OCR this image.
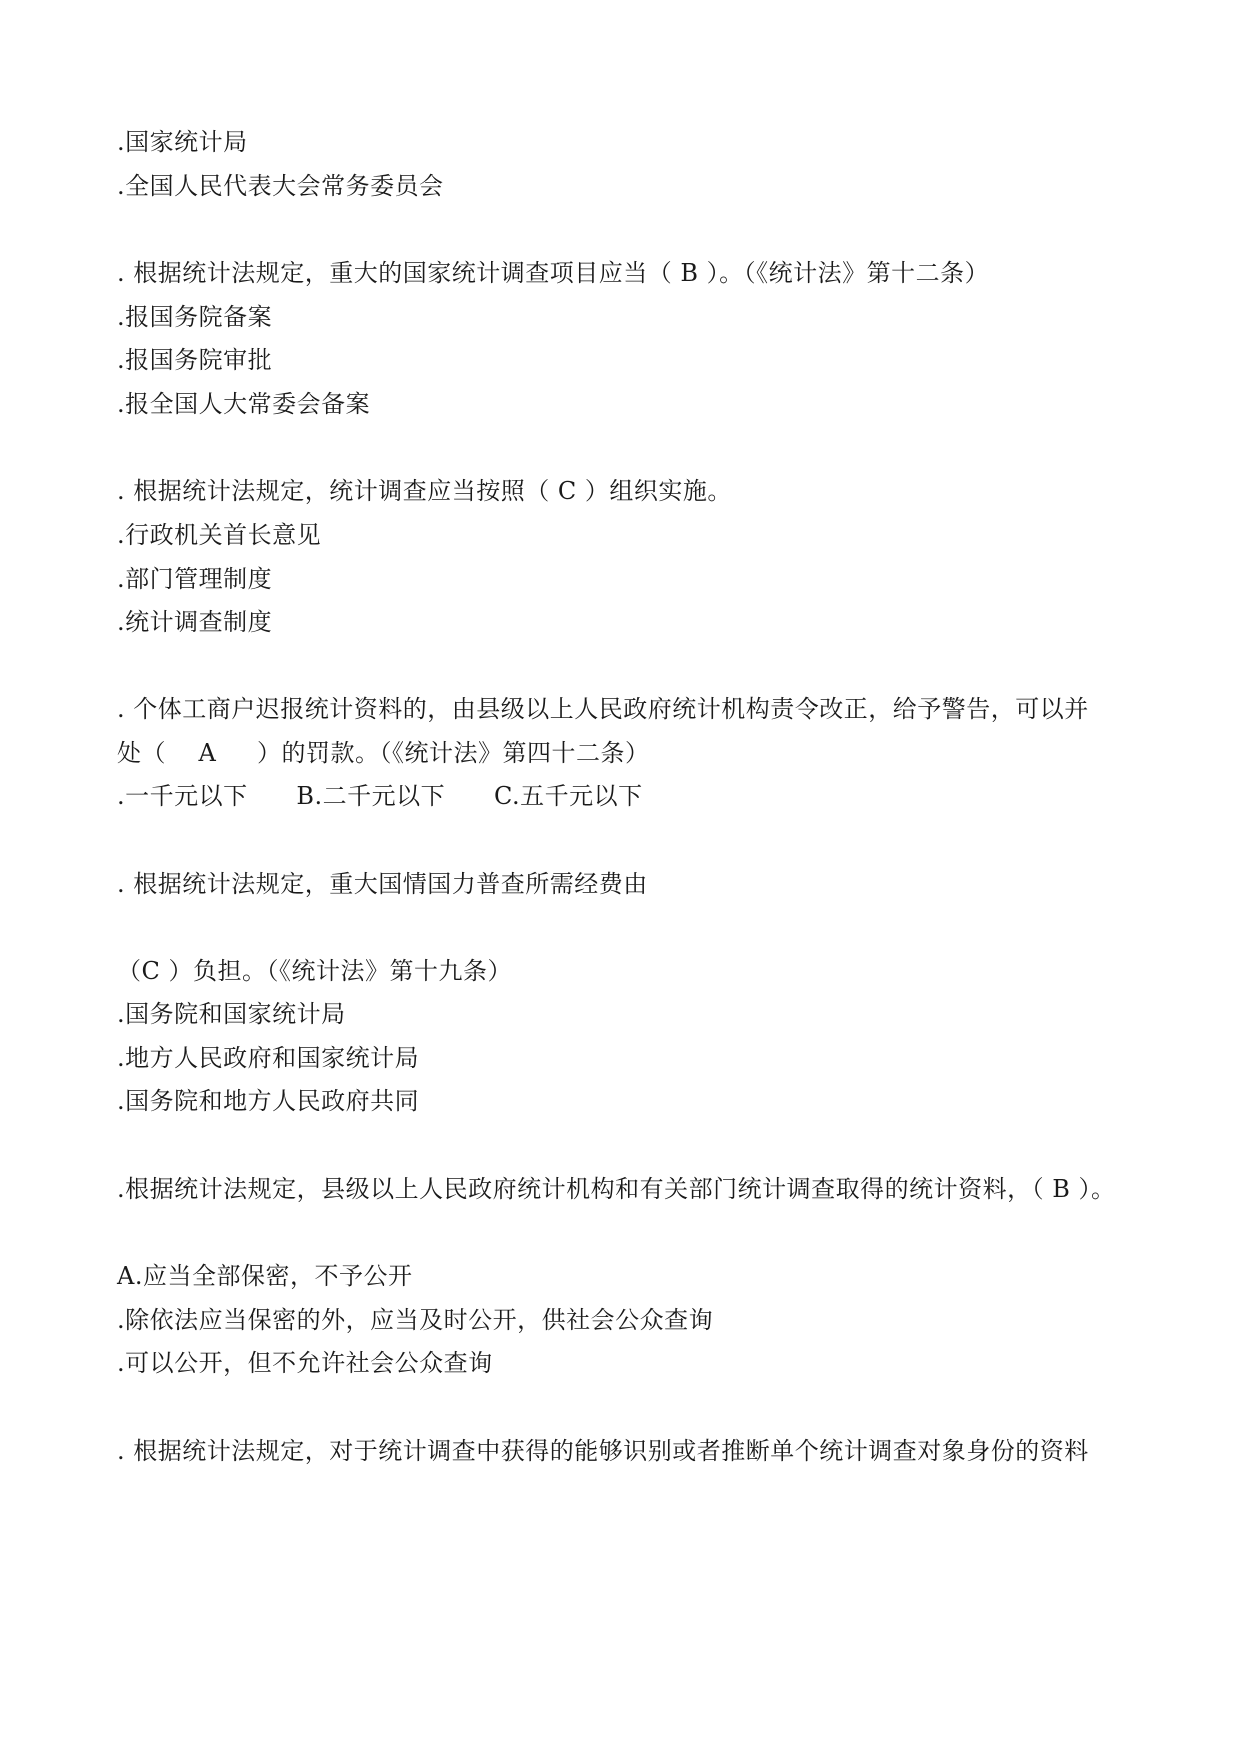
.国家统计局
.全国人民代表大会常务委员会
. 根据统计法规定，重大的国家统计调查项目应当（ B ）。（《统计法》第十二条）
.报国务院备案
.报国务院审批
.报全国人大常委会备案
. 根据统计法规定，统计调查应当按照（ C ）组织实施。
.行政机关首长意见
.部门管理制度
.统计调查制度
. 个体工商户迟报统计资料的，由县级以上人民政府统计机构责令改正，给予警告，可以并
处（    A     ）的罚款。（《统计法》第四十二条）
.一千元以下      B.二千元以下      C.五千元以下
. 根据统计法规定，重大国情国力普查所需经费由
（C ）负担。（《统计法》第十九条）
.国务院和国家统计局
.地方人民政府和国家统计局
.国务院和地方人民政府共同
.根据统计法规定，县级以上人民政府统计机构和有关部门统计调查取得的统计资料，（ B ）。
A.应当全部保密，不予公开
.除依法应当保密的外，应当及时公开，供社会公众查询
.可以公开，但不允许社会公众查询
. 根据统计法规定，对于统计调查中获得的能够识别或者推断单个统计调查对象身份的资料
